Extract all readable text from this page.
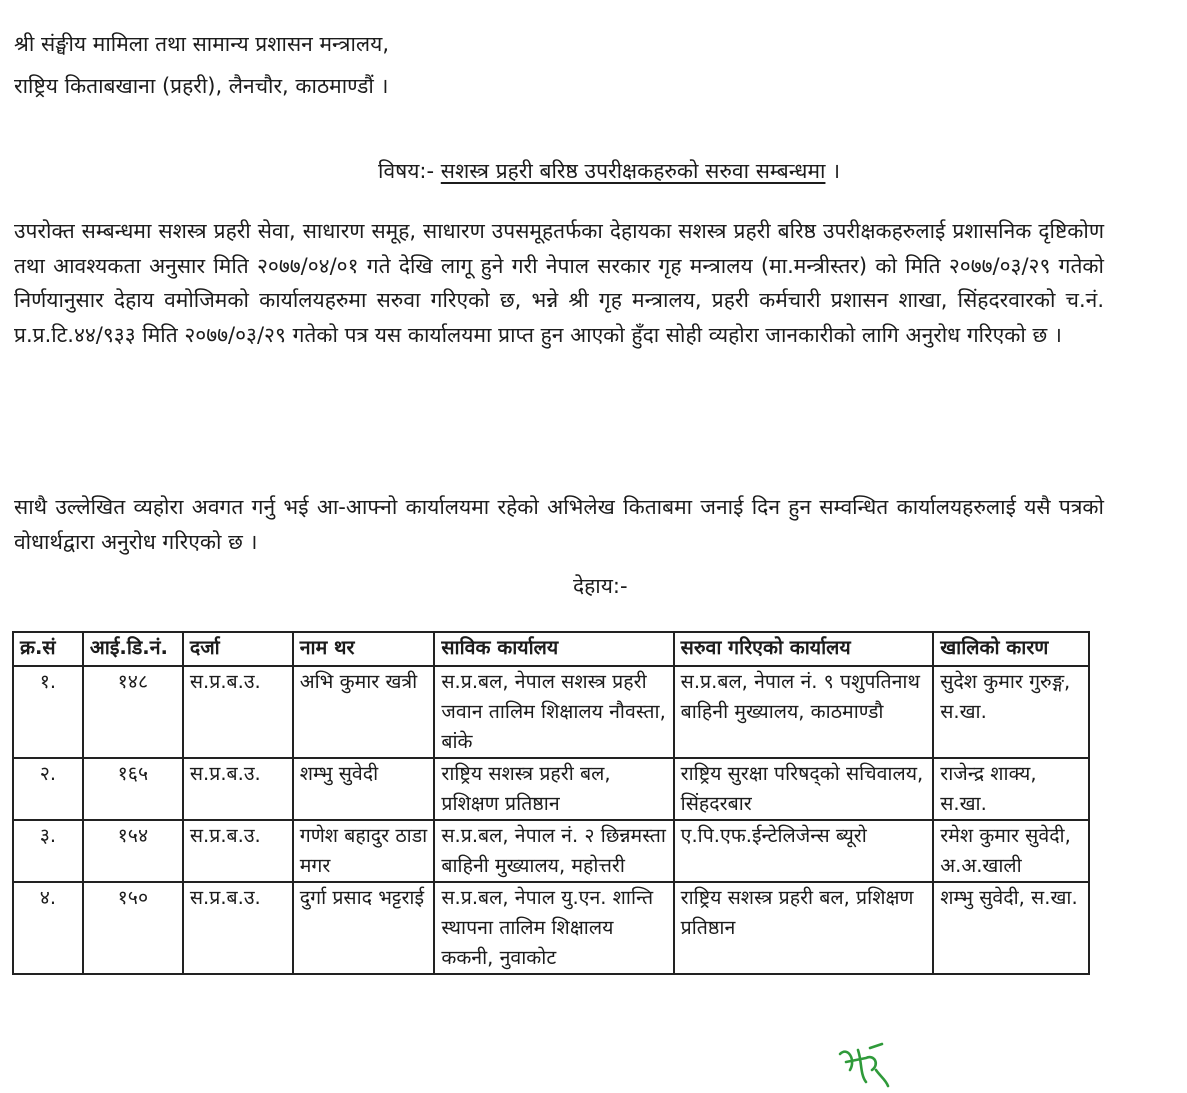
श्री संङ्घीय मामिला तथा सामान्य प्रशासन मन्त्रालय,
राष्ट्रिय किताबखाना (प्रहरी), लैनचौर, काठमाण्डौं ।
विषय:- सशस्त्र प्रहरी बरिष्ठ उपरीक्षकहरुको सरुवा सम्बन्धमा ।
उपरोक्त सम्बन्धमा सशस्त्र प्रहरी सेवा, साधारण समूह, साधारण उपसमूहतर्फका देहायका सशस्त्र प्रहरी बरिष्ठ उपरीक्षकहरुलाई प्रशासनिक दृष्टिकोण तथा आवश्यकता अनुसार मिति २०७७/०४/०१ गते देखि लागू हुने गरी नेपाल सरकार गृह मन्त्रालय (मा.मन्त्रीस्तर) को मिति २०७७/०३/२९ गतेको निर्णयानुसार देहाय वमोजिमको कार्यालयहरुमा सरुवा गरिएको छ, भन्ने श्री गृह मन्त्रालय, प्रहरी कर्मचारी प्रशासन शाखा, सिंहदरवारको च.नं. प्र.प्र.टि.४४/९३३ मिति २०७७/०३/२९ गतेको पत्र यस कार्यालयमा प्राप्त हुन आएको हुँदा सोही व्यहोरा जानकारीको लागि अनुरोध गरिएको छ ।
साथै उल्लेखित व्यहोरा अवगत गर्नु भई आ-आफ्नो कार्यालयमा रहेको अभिलेख किताबमा जनाई दिन हुन सम्वन्धित कार्यालयहरुलाई यसै पत्रको वोधार्थद्वारा अनुरोध गरिएको छ ।
देहाय:-
क्र.सं	आई.डि.नं.	दर्जा	नाम थर	साविक कार्यालय	सरुवा गरिएको कार्यालय	खालिको कारण
१.	१४८	स.प्र.ब.उ.	अभि कुमार खत्री	स.प्र.बल, नेपाल सशस्त्र प्रहरी जवान तालिम शिक्षालय नौवस्ता, बांके	स.प्र.बल, नेपाल नं. ९ पशुपतिनाथ बाहिनी मुख्यालय, काठमाण्डौ	सुदेश कुमार गुरुङ्ग, स.खा.
२.	१६५	स.प्र.ब.उ.	शम्भु सुवेदी	राष्ट्रिय सशस्त्र प्रहरी बल, प्रशिक्षण प्रतिष्ठान	राष्ट्रिय सुरक्षा परिषद्को सचिवालय, सिंहदरबार	राजेन्द्र शाक्य, स.खा.
३.	१५४	स.प्र.ब.उ.	गणेश बहादुर ठाडा मगर	स.प्र.बल, नेपाल नं. २ छिन्नमस्ता बाहिनी मुख्यालय, महोत्तरी	ए.पि.एफ.ईन्टेलिजेन्स ब्यूरो	रमेश कुमार सुवेदी, अ.अ.खाली
४.	१५०	स.प्र.ब.उ.	दुर्गा प्रसाद भट्टराई	स.प्र.बल, नेपाल यु.एन. शान्ति स्थापना तालिम शिक्षालय ककनी, नुवाकोट	राष्ट्रिय सशस्त्र प्रहरी बल, प्रशिक्षण प्रतिष्ठान	शम्भु सुवेदी, स.खा.
